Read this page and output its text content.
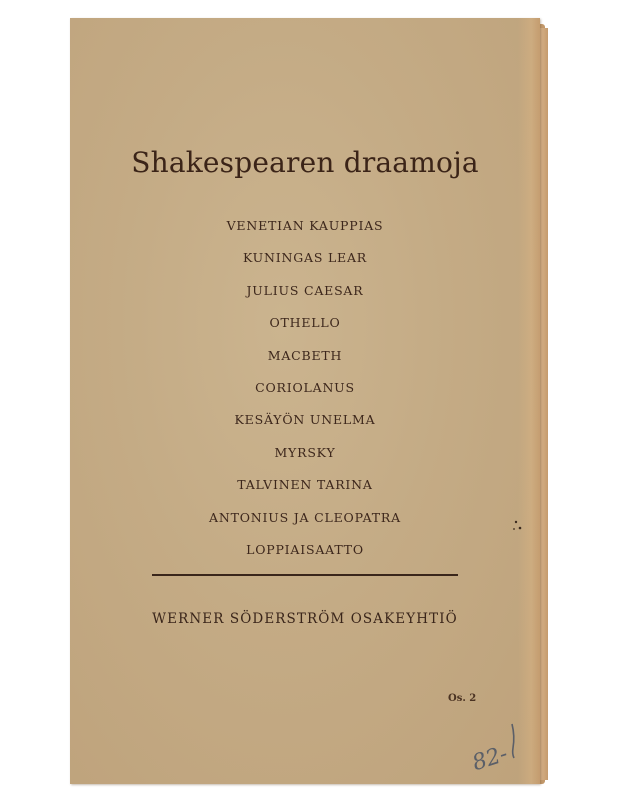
Shakespearen draamoja
VENETIAN KAUPPIAS
KUNINGAS LEAR
JULIUS CAESAR
OTHELLO
MACBETH
CORIOLANUS
KESÄYÖN UNELMA
MYRSKY
TALVINEN TARINA
ANTONIUS JA CLEOPATRA
LOPPIAISAATTO
WERNER SÖDERSTRÖM OSAKEYHTIÖ
Os. 2
82-
